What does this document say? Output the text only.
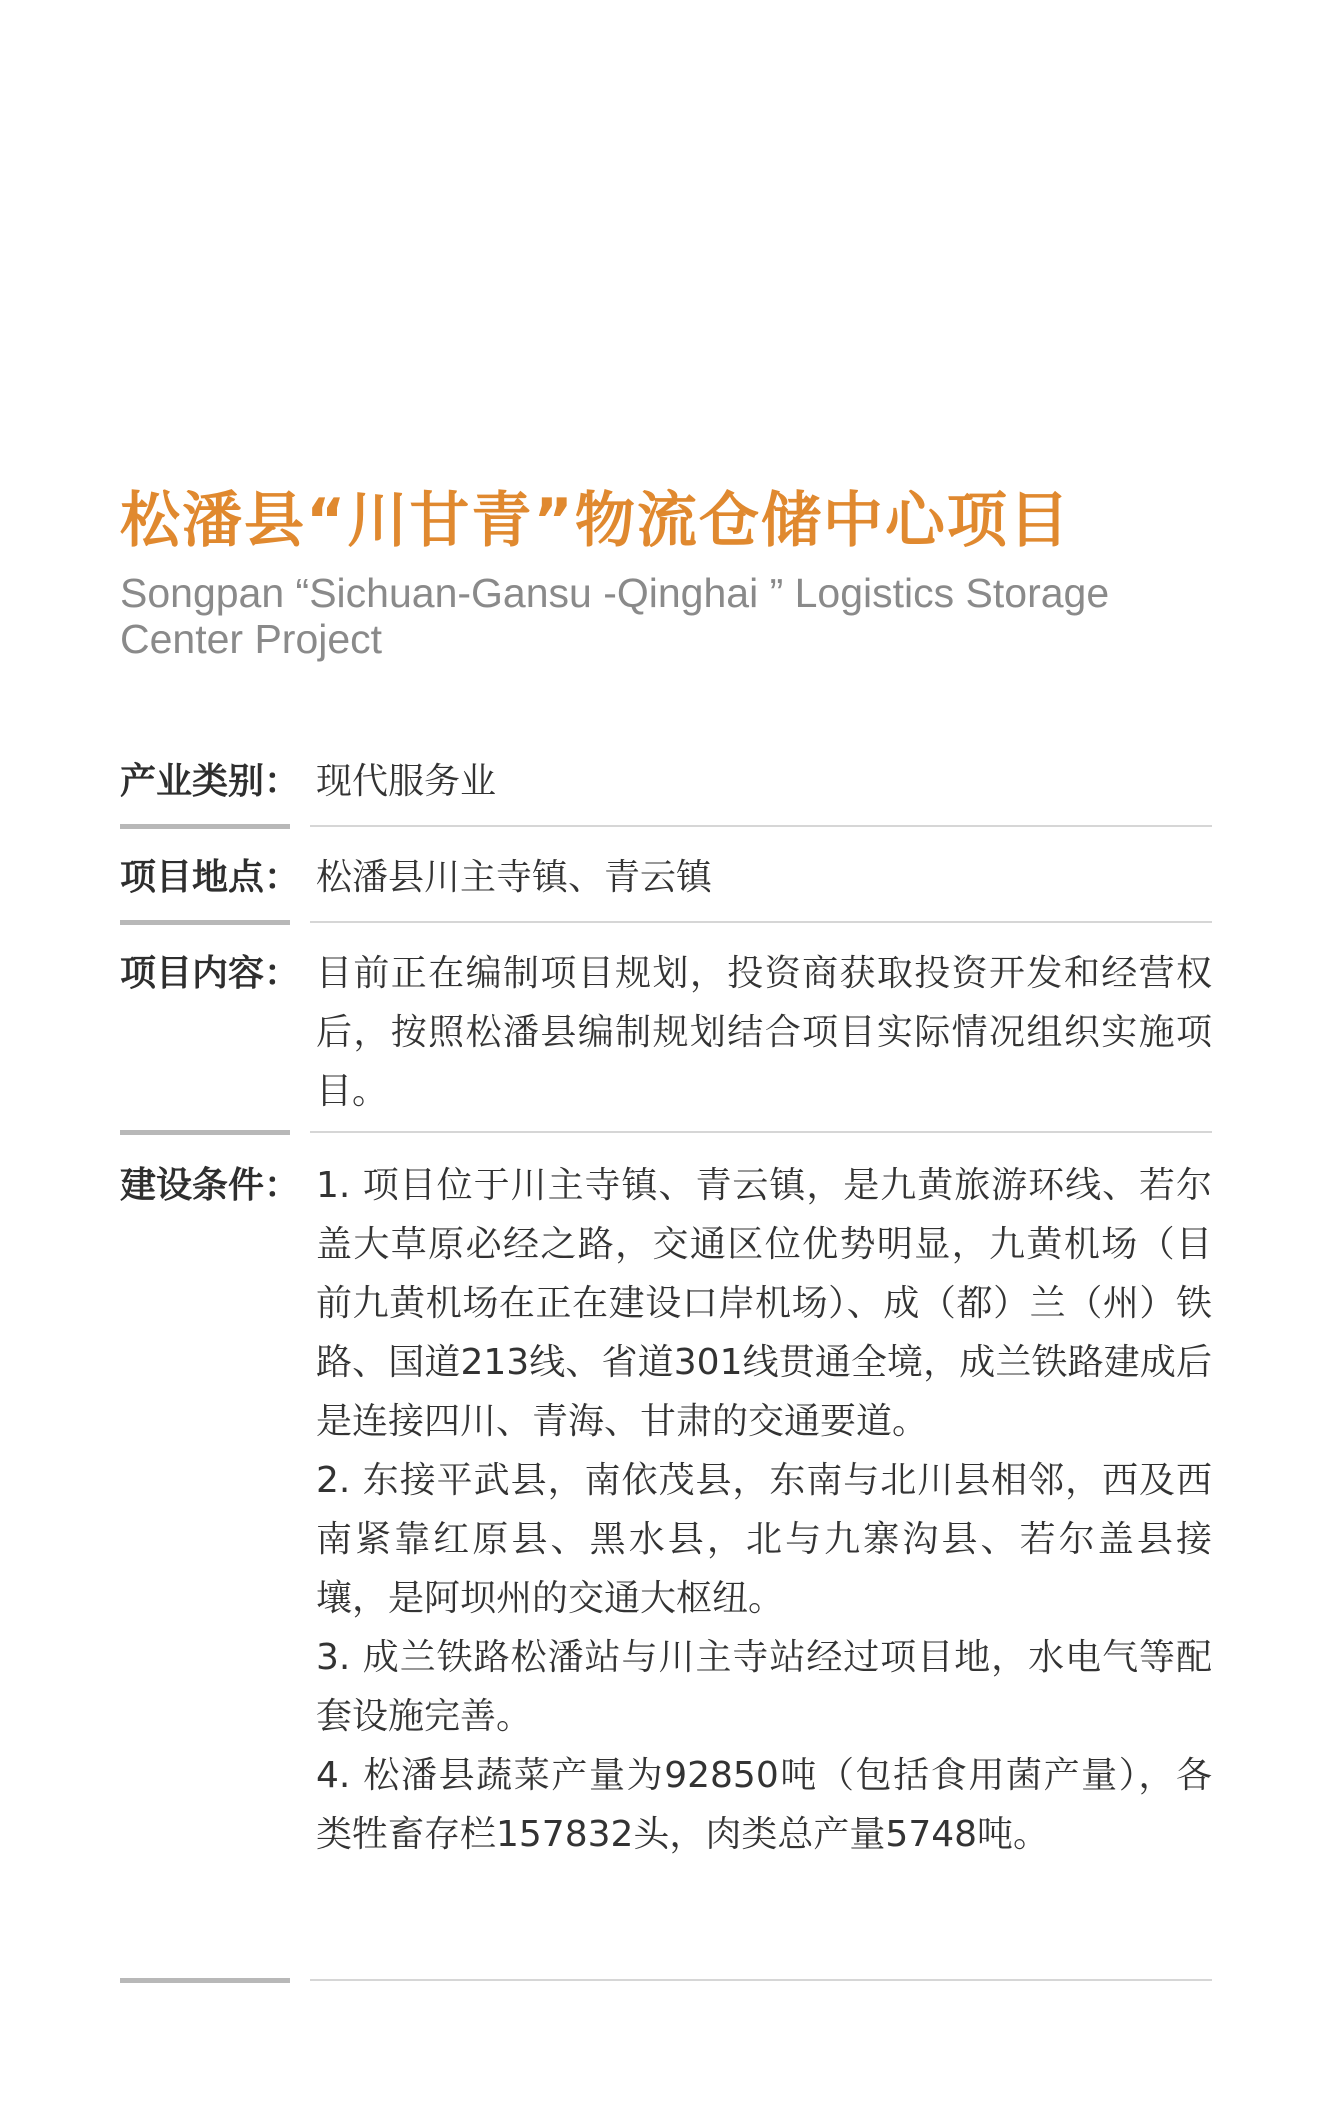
松潘县“川甘青”物流仓储中心项目
Songpan “Sichuan-Gansu -Qinghai ” Logistics Storage Center Project
产业类别： 现代服务业
项目地点： 松潘县川主寺镇、青云镇
项目内容： 目前正在编制项目规划，投资商获取投资开发和经营权后，按照松潘县编制规划结合项目实际情况组织实施项目。
建设条件： 1. 项目位于川主寺镇、青云镇，是九黄旅游环线、若尔盖大草原必经之路，交通区位优势明显，九黄机场（目前九黄机场在正在建设口岸机场）、成（都）兰（州）铁路、国道213线、省道301线贯通全境，成兰铁路建成后是连接四川、青海、甘肃的交通要道。

2. 东接平武县，南依茂县，东南与北川县相邻，西及西南紧靠红原县、黑水县，北与九寨沟县、若尔盖县接壤，是阿坝州的交通大枢纽。

3. 成兰铁路松潘站与川主寺站经过项目地，水电气等配套设施完善。

4. 松潘县蔬菜产量为92850吨（包括食用菌产量），各类牲畜存栏157832头，肉类总产量5748吨。
